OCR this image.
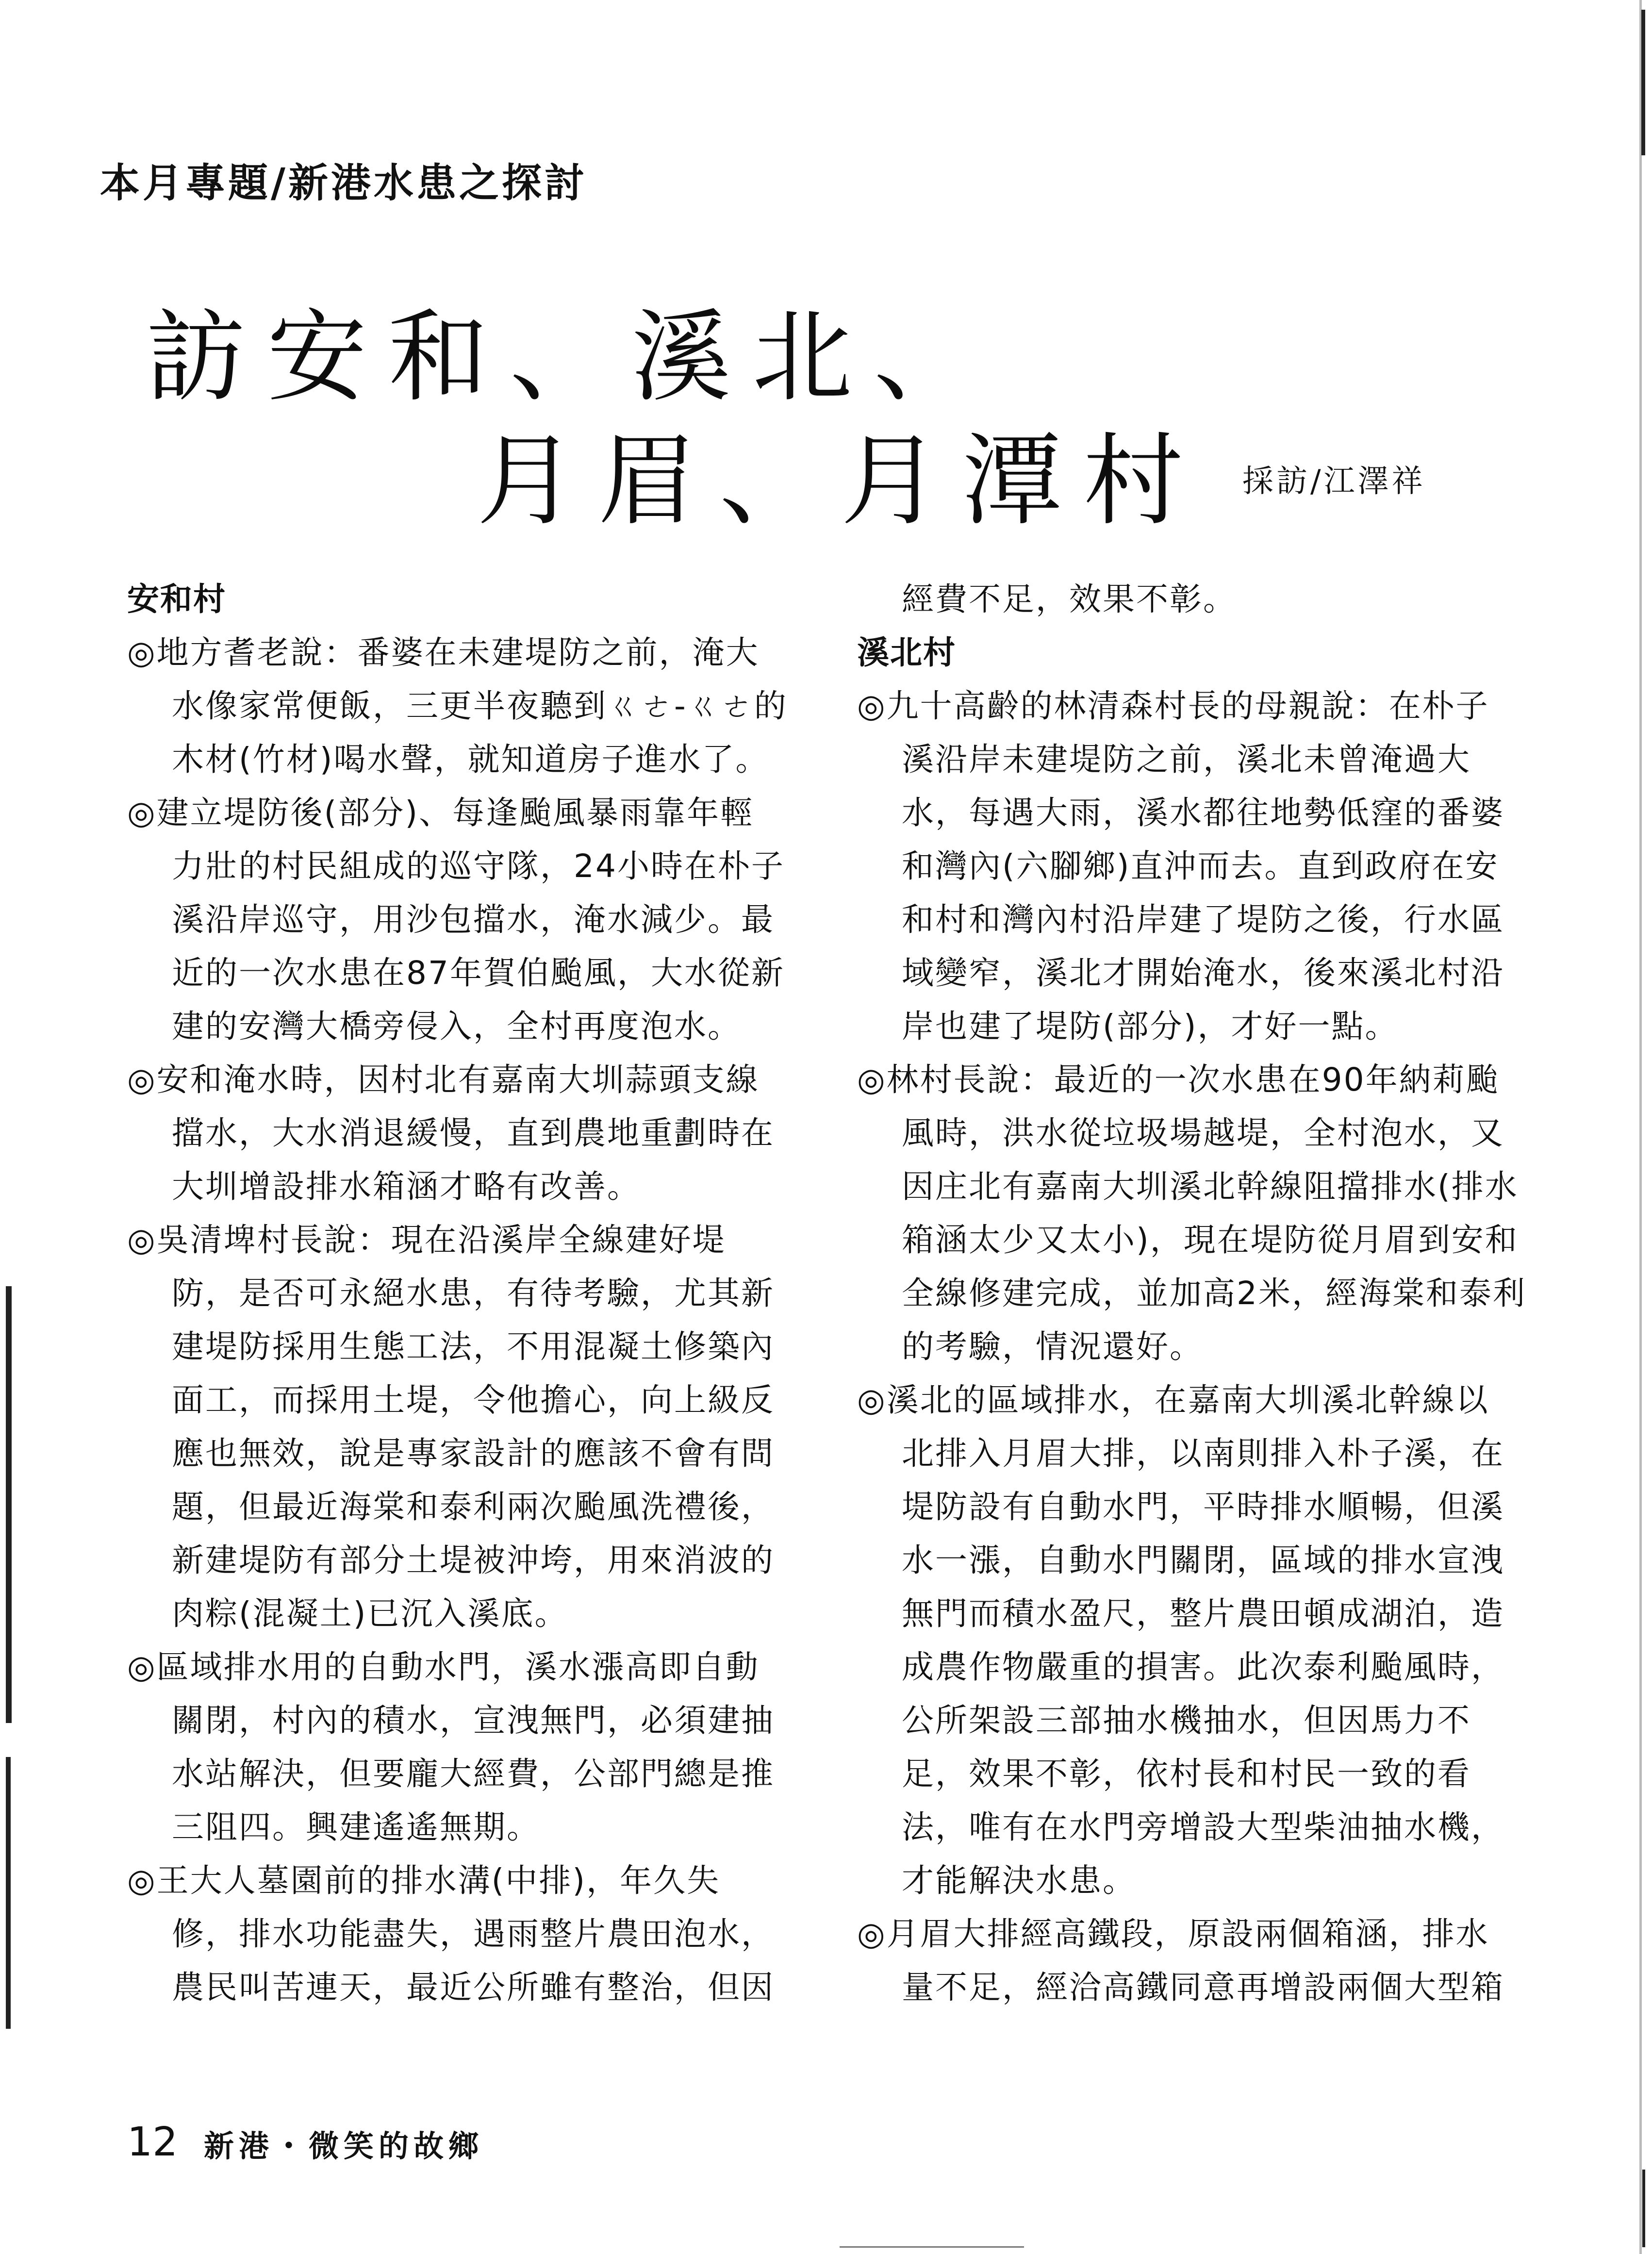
本月專題/新港水患之探討
訪安和、溪北、
月眉、月潭村 採訪/江澤祥
安和村
◎地方耆老說：番婆在未建堤防之前，淹大
水像家常便飯，三更半夜聽到ㄍㄜ-ㄍㄜ的
木材(竹材)喝水聲，就知道房子進水了。
◎建立堤防後(部分)、每逢颱風暴雨靠年輕
力壯的村民組成的巡守隊，24小時在朴子
溪沿岸巡守，用沙包擋水，淹水減少。最
近的一次水患在87年賀伯颱風，大水從新
建的安灣大橋旁侵入，全村再度泡水。
◎安和淹水時，因村北有嘉南大圳蒜頭支線
擋水，大水消退緩慢，直到農地重劃時在
大圳增設排水箱涵才略有改善。
◎吳清埤村長說：現在沿溪岸全線建好堤
防，是否可永絕水患，有待考驗，尤其新
建堤防採用生態工法，不用混凝土修築內
面工，而採用土堤，令他擔心，向上級反
應也無效，說是專家設計的應該不會有問
題，但最近海棠和泰利兩次颱風洗禮後，
新建堤防有部分土堤被沖垮，用來消波的
肉粽(混凝土)已沉入溪底。
◎區域排水用的自動水門，溪水漲高即自動
關閉，村內的積水，宣洩無門，必須建抽
水站解決，但要龐大經費，公部門總是推
三阻四。興建遙遙無期。
◎王大人墓園前的排水溝(中排)，年久失
修，排水功能盡失，遇雨整片農田泡水，
農民叫苦連天，最近公所雖有整治，但因
經費不足，效果不彰。
溪北村
◎九十高齡的林清森村長的母親說：在朴子
溪沿岸未建堤防之前，溪北未曾淹過大
水，每遇大雨，溪水都往地勢低窪的番婆
和灣內(六腳鄉)直沖而去。直到政府在安
和村和灣內村沿岸建了堤防之後，行水區
域變窄，溪北才開始淹水，後來溪北村沿
岸也建了堤防(部分)，才好一點。
◎林村長說：最近的一次水患在90年納莉颱
風時，洪水從垃圾場越堤，全村泡水，又
因庄北有嘉南大圳溪北幹線阻擋排水(排水
箱涵太少又太小)，現在堤防從月眉到安和
全線修建完成，並加高2米，經海棠和泰利
的考驗，情況還好。
◎溪北的區域排水，在嘉南大圳溪北幹線以
北排入月眉大排，以南則排入朴子溪，在
堤防設有自動水門，平時排水順暢，但溪
水一漲，自動水門關閉，區域的排水宣洩
無門而積水盈尺，整片農田頓成湖泊，造
成農作物嚴重的損害。此次泰利颱風時，
公所架設三部抽水機抽水，但因馬力不
足，效果不彰，依村長和村民一致的看
法，唯有在水門旁增設大型柴油抽水機，
才能解決水患。
◎月眉大排經高鐵段，原設兩個箱涵，排水
量不足，經洽高鐵同意再增設兩個大型箱
12 新港・微笑的故鄉
